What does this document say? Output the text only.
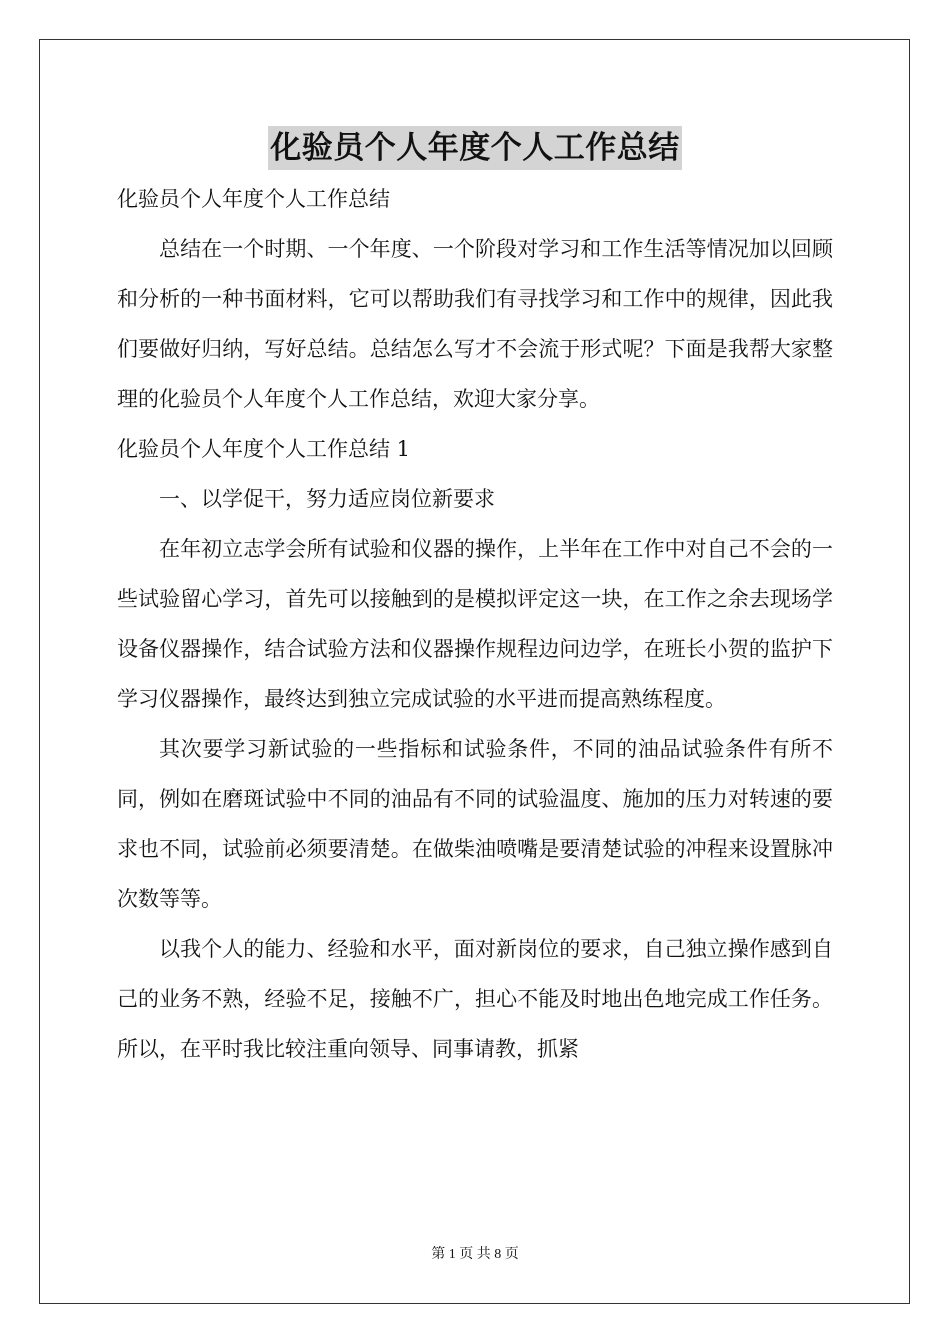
化验员个人年度个人工作总结
化验员个人年度个人工作总结
总结在一个时期、一个年度、一个阶段对学习和工作生活等情况加以回顾和分析的一种书面材料，它可以帮助我们有寻找学习和工作中的规律，因此我们要做好归纳，写好总结。总结怎么写才不会流于形式呢？下面是我帮大家整理的化验员个人年度个人工作总结，欢迎大家分享。
化验员个人年度个人工作总结 1
一、以学促干，努力适应岗位新要求
在年初立志学会所有试验和仪器的操作，上半年在工作中对自己不会的一些试验留心学习，首先可以接触到的是模拟评定这一块，在工作之余去现场学设备仪器操作，结合试验方法和仪器操作规程边问边学，在班长小贺的监护下学习仪器操作，最终达到独立完成试验的水平进而提高熟练程度。
其次要学习新试验的一些指标和试验条件，不同的油品试验条件有所不同，例如在磨斑试验中不同的油品有不同的试验温度、施加的压力对转速的要求也不同，试验前必须要清楚。在做柴油喷嘴是要清楚试验的冲程来设置脉冲次数等等。
以我个人的能力、经验和水平，面对新岗位的要求，自己独立操作感到自己的业务不熟，经验不足，接触不广，担心不能及时地出色地完成工作任务。所以，在平时我比较注重向领导、同事请教，抓紧
第 1 页 共 8 页
